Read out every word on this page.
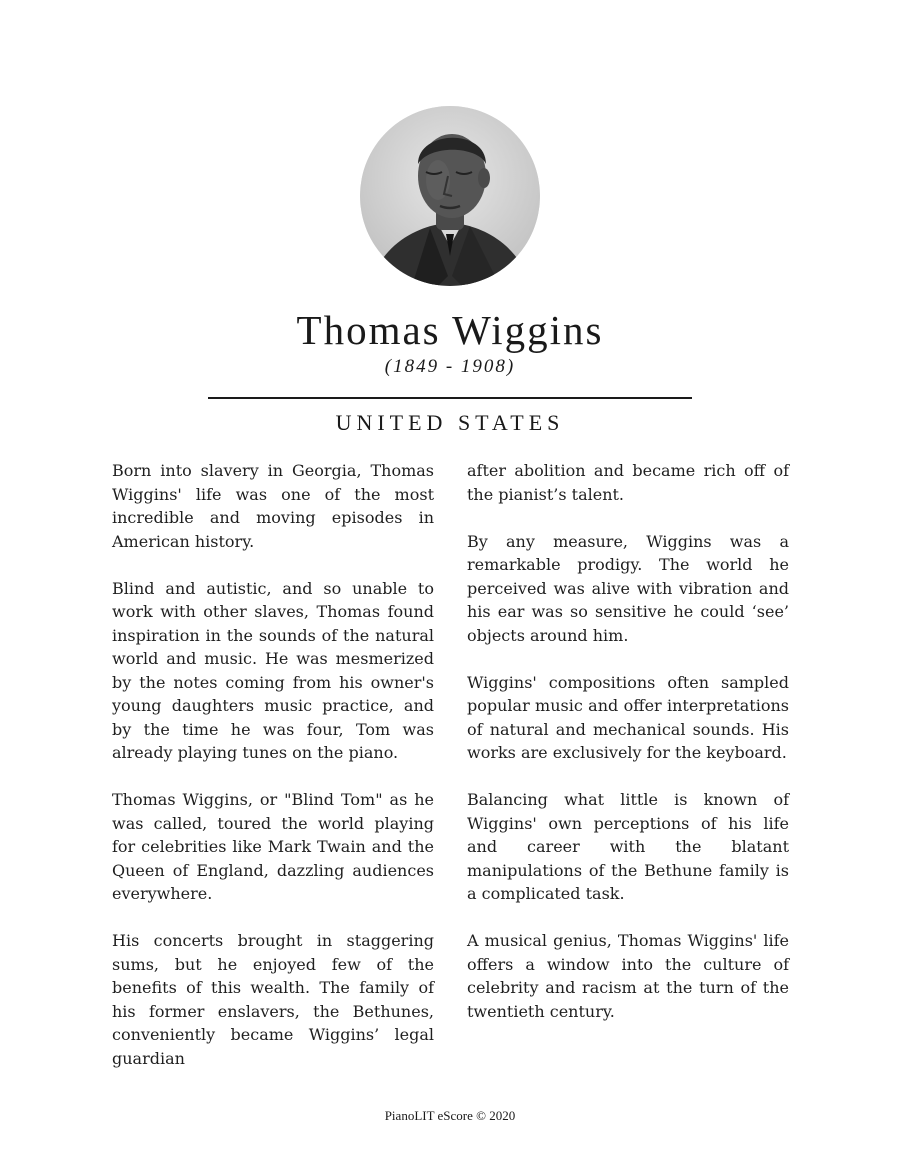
Thomas Wiggins
(1849 - 1908)
UNITED STATES

Born into slavery in Georgia, Thomas Wiggins' life was one of the most incredible and moving episodes in American history.

Blind and autistic, and so unable to work with other slaves, Thomas found inspiration in the sounds of the natural world and music. He was mesmerized by the notes coming from his owner's young daughters music practice, and by the time he was four, Tom was already playing tunes on the piano.

Thomas Wiggins, or "Blind Tom" as he was called, toured the world playing for celebrities like Mark Twain and the Queen of England, dazzling audiences everywhere.

His concerts brought in staggering sums, but he enjoyed few of the benefits of this wealth. The family of his former enslavers, the Bethunes, conveniently became Wiggins’ legal guardian

after abolition and became rich off of the pianist’s talent.

By any measure, Wiggins was a remarkable prodigy. The world he perceived was alive with vibration and his ear was so sensitive he could ‘see’ objects around him.

Wiggins' compositions often sampled popular music and offer interpretations of natural and mechanical sounds. His works are exclusively for the keyboard.

Balancing what little is known of Wiggins' own perceptions of his life and career with the blatant manipulations of the Bethune family is a complicated task.

A musical genius, Thomas Wiggins' life offers a window into the culture of celebrity and racism at the turn of the twentieth century.

PianoLIT eScore © 2020
